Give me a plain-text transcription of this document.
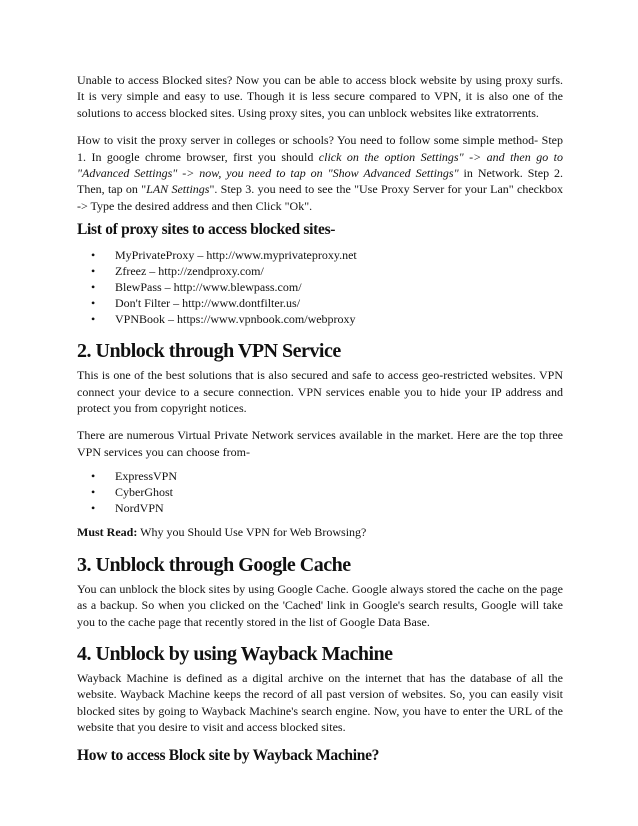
Unable to access Blocked sites? Now you can be able to access block website by using proxy surfs. It is very simple and easy to use. Though it is less secure compared to VPN, it is also one of the solutions to access blocked sites. Using proxy sites, you can unblock websites like extratorrents.

How to visit the proxy server in colleges or schools? You need to follow some simple method- Step 1. In google chrome browser, first you should click on the option Settings" -> and then go to "Advanced Settings" -> now, you need to tap on "Show Advanced Settings" in Network. Step 2. Then, tap on "LAN Settings". Step 3. you need to see the "Use Proxy Server for your Lan" checkbox -> Type the desired address and then Click "Ok".

List of proxy sites to access blocked sites-
• MyPrivateProxy – http://www.myprivateproxy.net
• Zfreez – http://zendproxy.com/
• BlewPass – http://www.blewpass.com/
• Don't Filter – http://www.dontfilter.us/
• VPNBook – https://www.vpnbook.com/webproxy
2. Unblock through VPN Service

This is one of the best solutions that is also secured and safe to access geo-restricted websites. VPN connect your device to a secure connection. VPN services enable you to hide your IP address and protect you from copyright notices.

There are numerous Virtual Private Network services available in the market. Here are the top three VPN services you can choose from-

• ExpressVPN
• CyberGhost
• NordVPN

Must Read: Why you Should Use VPN for Web Browsing?

3. Unblock through Google Cache

You can unblock the block sites by using Google Cache. Google always stored the cache on the page as a backup. So when you clicked on the 'Cached' link in Google's search results, Google will take you to the cache page that recently stored in the list of Google Data Base.

4. Unblock by using Wayback Machine

Wayback Machine is defined as a digital archive on the internet that has the database of all the website. Wayback Machine keeps the record of all past version of websites. So, you can easily visit blocked sites by going to Wayback Machine's search engine. Now, you have to enter the URL of the website that you desire to visit and access blocked sites.

How to access Block site by Wayback Machine?
